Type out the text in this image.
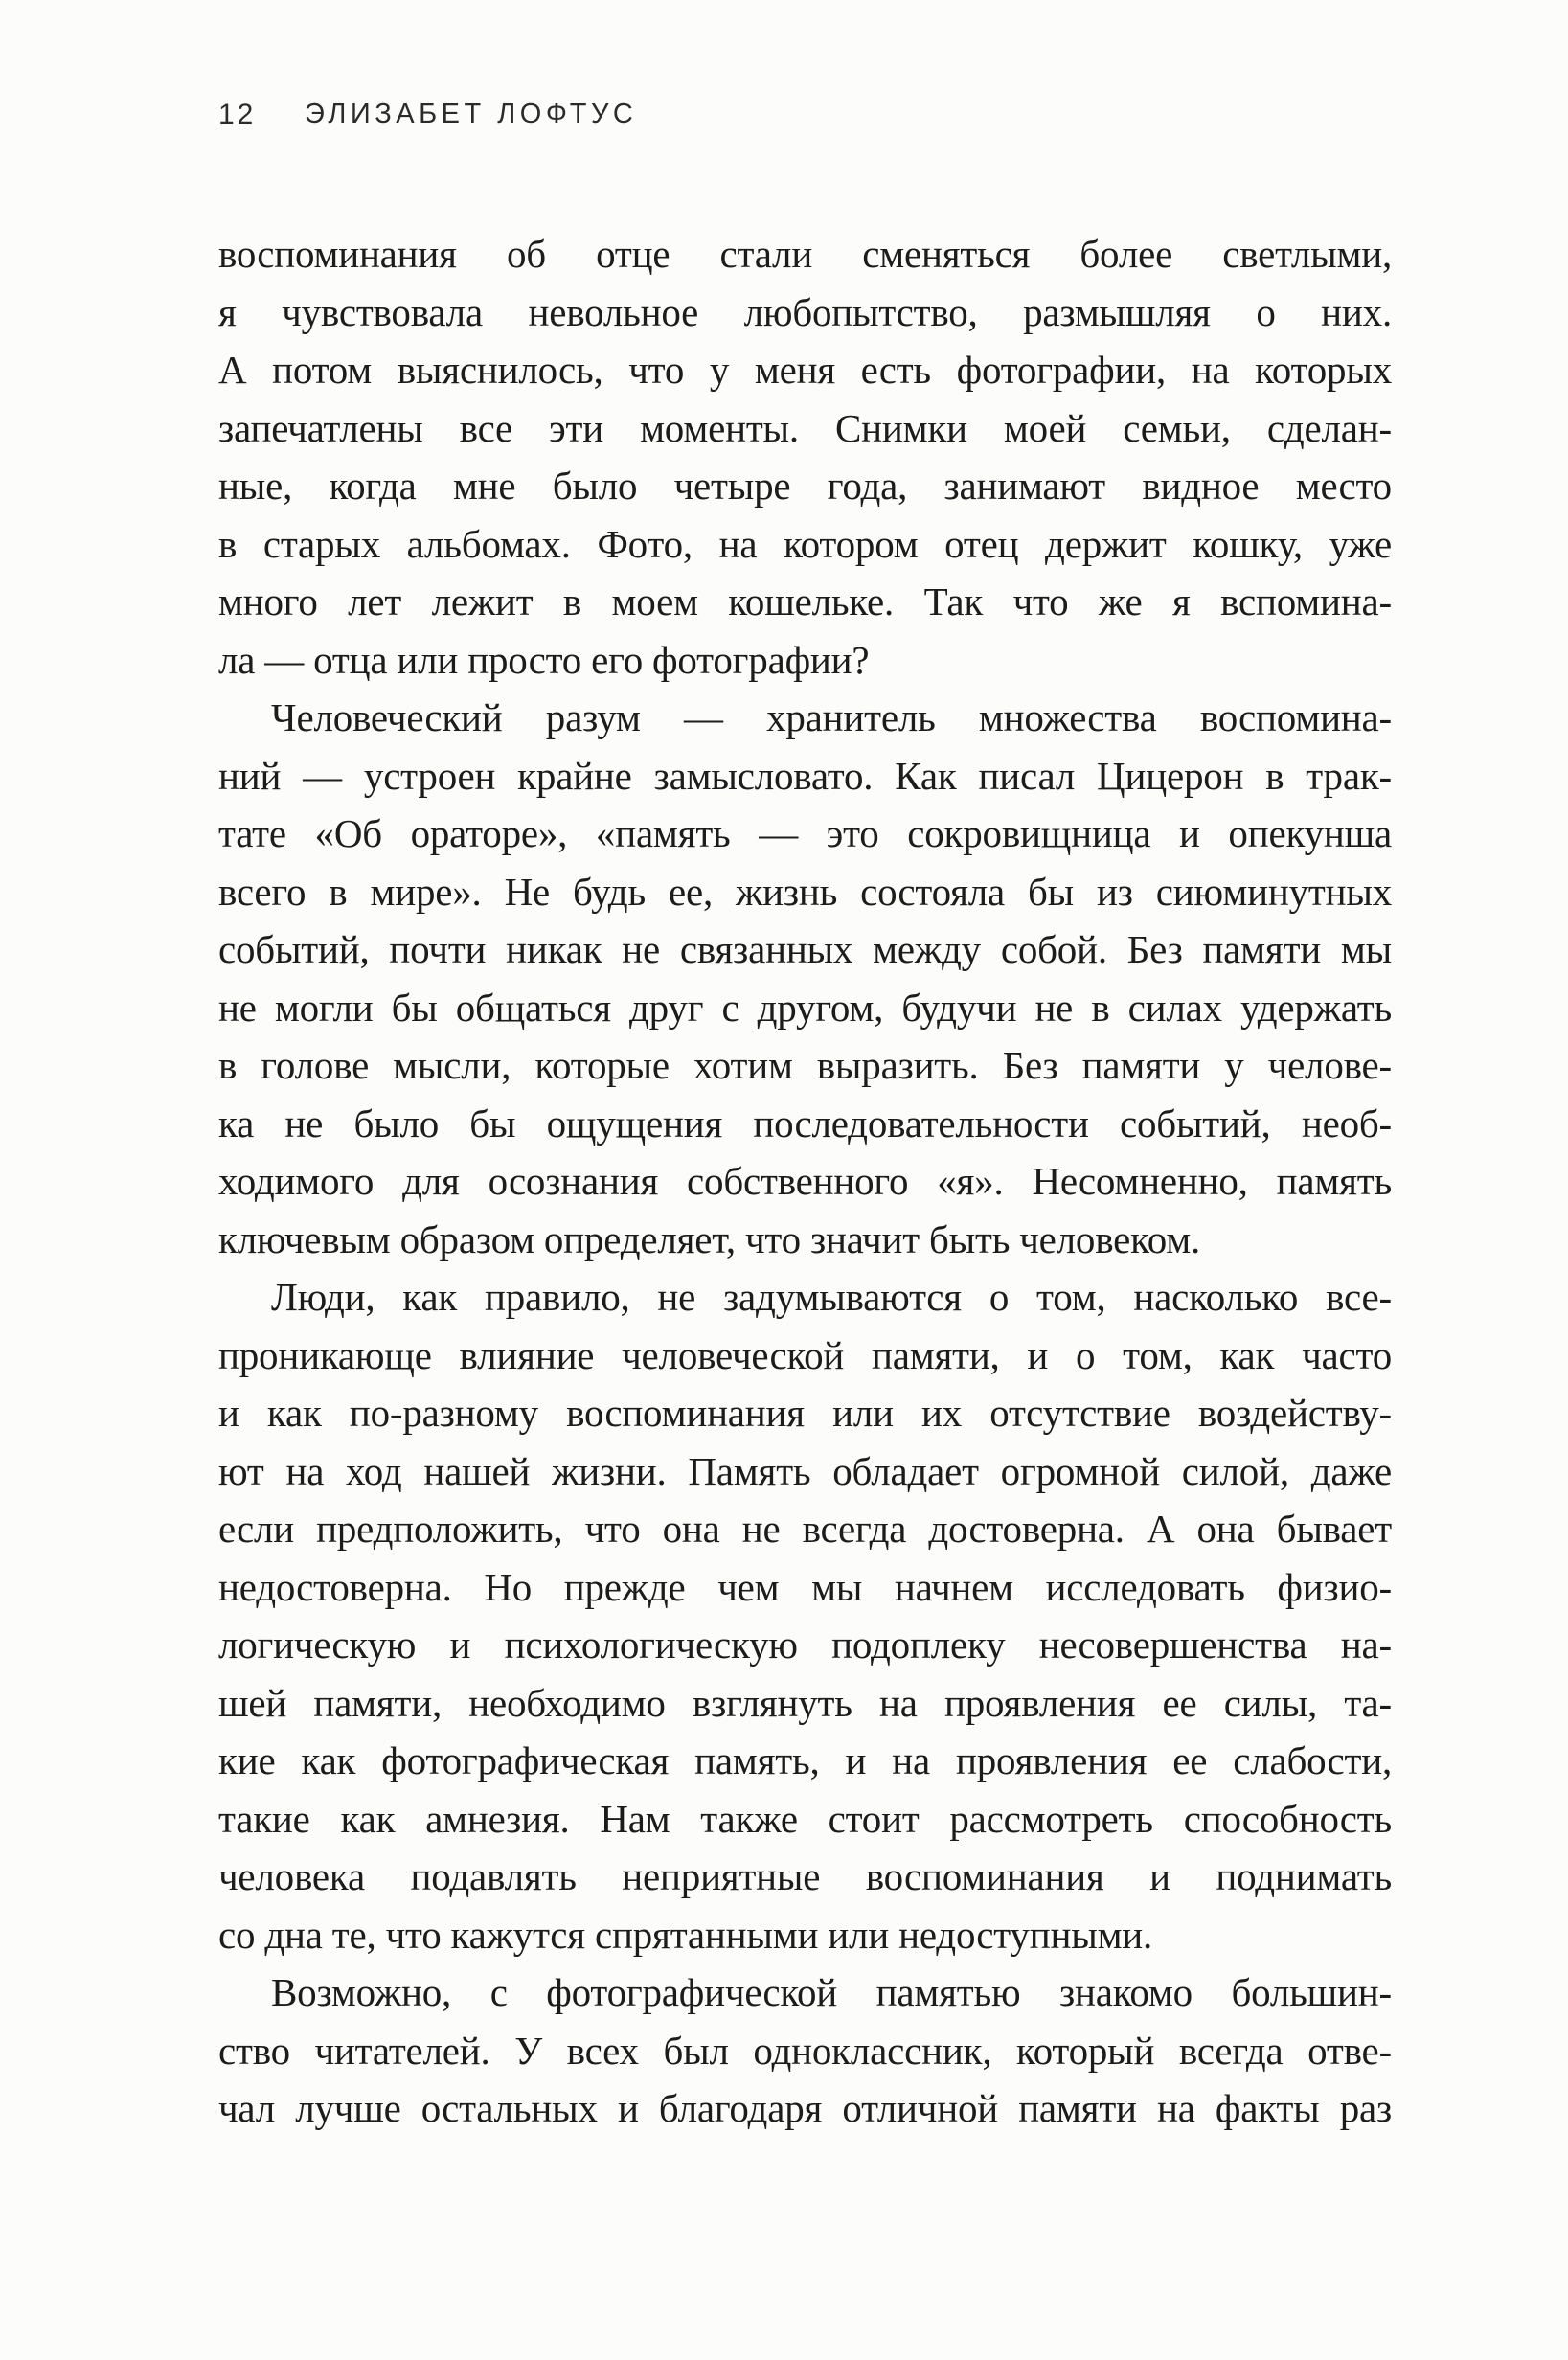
12 ЭЛИЗАБЕТ ЛОФТУС
воспоминания об отце стали сменяться более светлыми,
я чувствовала невольное любопытство, размышляя о них.
А потом выяснилось, что у меня есть фотографии, на которых
запечатлены все эти моменты. Снимки моей семьи, сделан-
ные, когда мне было четыре года, занимают видное место
в старых альбомах. Фото, на котором отец держит кошку, уже
много лет лежит в моем кошельке. Так что же я вспомина-
ла — отца или просто его фотографии?
Человеческий разум — хранитель множества воспомина-
ний — устроен крайне замысловато. Как писал Цицерон в трак-
тате «Об ораторе», «память — это сокровищница и опекунша
всего в мире». Не будь ее, жизнь состояла бы из сиюминутных
событий, почти никак не связанных между собой. Без памяти мы
не могли бы общаться друг с другом, будучи не в силах удержать
в голове мысли, которые хотим выразить. Без памяти у челове-
ка не было бы ощущения последовательности событий, необ-
ходимого для осознания собственного «я». Несомненно, память
ключевым образом определяет, что значит быть человеком.
Люди, как правило, не задумываются о том, насколько все-
проникающе влияние человеческой памяти, и о том, как часто
и как по-разному воспоминания или их отсутствие воздейству-
ют на ход нашей жизни. Память обладает огромной силой, даже
если предположить, что она не всегда достоверна. А она бывает
недостоверна. Но прежде чем мы начнем исследовать физио-
логическую и психологическую подоплеку несовершенства на-
шей памяти, необходимо взглянуть на проявления ее силы, та-
кие как фотографическая память, и на проявления ее слабости,
такие как амнезия. Нам также стоит рассмотреть способность
человека подавлять неприятные воспоминания и поднимать
со дна те, что кажутся спрятанными или недоступными.
Возможно, с фотографической памятью знакомо большин-
ство читателей. У всех был одноклассник, который всегда отве-
чал лучше остальных и благодаря отличной памяти на факты раз
